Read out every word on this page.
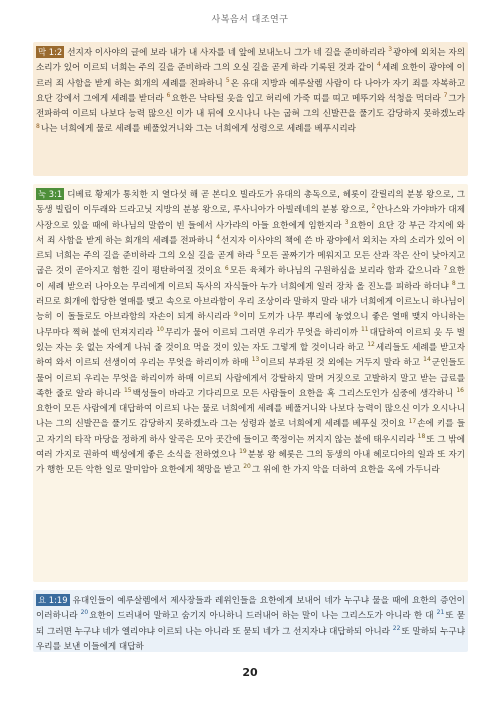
사복음서 대조연구
막 1:2 선지자 이사야의 글에 보라 내가 내 사자를 네 앞에 보내노니 그가 네 길을 준비하리라 $^3$광야에 외치는 자의 소리가 있어 이르되 너희는 주의 길을 준비하라 그의 오실 길을 곧게 하라 기록된 것과 같이 $^4$세례 요한이 광야에 이르러 죄 사함을 받게 하는 회개의 세례를 전파하니 $^5$온 유대 지방과 예루살렘 사람이 다 나아가 자기 죄를 자복하고 요단 강에서 그에게 세례를 받더라 $^6$요한은 낙타털 옷을 입고 허리에 가죽 띠를 띠고 메뚜기와 석청을 먹더라 $^7$그가 전파하여 이르되 나보다 능력 많으신 이가 내 뒤에 오시나니 나는 굽혀 그의 신발끈을 풀기도 감당하지 못하겠노라 $^8$나는 너희에게 물로 세례를 베풀었거니와 그는 너희에게 성령으로 세례를 베푸시리라
눅 3:1 디베료 황제가 통치한 지 열다섯 해 곧 본디오 빌라도가 유대의 총독으로, 헤롯이 갈릴리의 분봉 왕으로, 그 동생 빌립이 이두래와 드라고닛 지방의 분봉 왕으로, 루사니아가 아빌레네의 분봉 왕으로, $^2$안나스와 가야바가 대제사장으로 있을 때에 하나님의 말씀이 빈 들에서 사가랴의 아들 요한에게 임한지라 $^3$요한이 요단 강 부근 각지에 와서 죄 사함을 받게 하는 회개의 세례를 전파하니 $^4$선지자 이사야의 책에 쓴 바 광야에서 외치는 자의 소리가 있어 이르되 너희는 주의 길을 준비하라 그의 오실 길을 곧게 하라 $^5$모든 골짜기가 메워지고 모든 산과 작은 산이 낮아지고 굽은 것이 곧아지고 험한 길이 평탄하여질 것이요 $^6$모든 육체가 하나님의 구원하심을 보리라 함과 같으니라 $^7$요한이 세례 받으러 나아오는 무리에게 이르되 독사의 자식들아 누가 너희에게 일러 장차 올 진노를 피하라 하더냐 $^8$그러므로 회개에 합당한 열매를 맺고 속으로 아브라함이 우리 조상이라 말하지 말라 내가 너희에게 이르노니 하나님이 능히 이 돌들로도 아브라함의 자손이 되게 하시리라 $^9$이미 도끼가 나무 뿌리에 놓였으니 좋은 열매 맺지 아니하는 나무마다 찍혀 불에 던져지리라 $^{10}$무리가 물어 이르되 그러면 우리가 무엇을 하리이까 $^{11}$대답하여 이르되 옷 두 벌 있는 자는 옷 없는 자에게 나눠 줄 것이요 먹을 것이 있는 자도 그렇게 할 것이니라 하고 $^{12}$세리들도 세례를 받고자 하여 와서 이르되 선생이여 우리는 무엇을 하리이까 하매 $^{13}$이르되 부과된 것 외에는 거두지 말라 하고 $^{14}$군인들도 물어 이르되 우리는 무엇을 하리이까 하매 이르되 사람에게서 강탈하지 말며 거짓으로 고발하지 말고 받는 급료를 족한 줄로 알라 하니라 $^{15}$백성들이 바라고 기다리므로 모든 사람들이 요한을 혹 그리스도인가 심중에 생각하니 $^{16}$요한이 모든 사람에게 대답하여 이르되 나는 물로 너희에게 세례를 베풀거니와 나보다 능력이 많으신 이가 오시나니 나는 그의 신발끈을 풀기도 감당하지 못하겠노라 그는 성령과 불로 너희에게 세례를 베푸실 것이요 $^{17}$손에 키를 들고 자기의 타작 마당을 정하게 하사 알곡은 모아 곳간에 들이고 쭉정이는 꺼지지 않는 불에 태우시리라 $^{18}$또 그 밖에 여러 가지로 권하여 백성에게 좋은 소식을 전하였으나 $^{19}$분봉 왕 헤롯은 그의 동생의 아내 헤로디아의 일과 또 자기가 행한 모든 악한 일로 말미암아 요한에게 책망을 받고 $^{20}$그 위에 한 가지 악을 더하여 요한을 옥에 가두니라
요 1:19 유대인들이 예루살렘에서 제사장들과 레위인들을 요한에게 보내어 네가 누구냐 물을 때에 요한의 증언이 이러하니라 $^{20}$요한이 드러내어 말하고 숨기지 아니하니 드러내어 하는 말이 나는 그리스도가 아니라 한 대 $^{21}$또 묻되 그러면 누구냐 네가 엘리야냐 이르되 나는 아니라 또 묻되 네가 그 선지자냐 대답하되 아니라 $^{22}$또 말하되 누구냐 우리를 보낸 이들에게 대답하
20
